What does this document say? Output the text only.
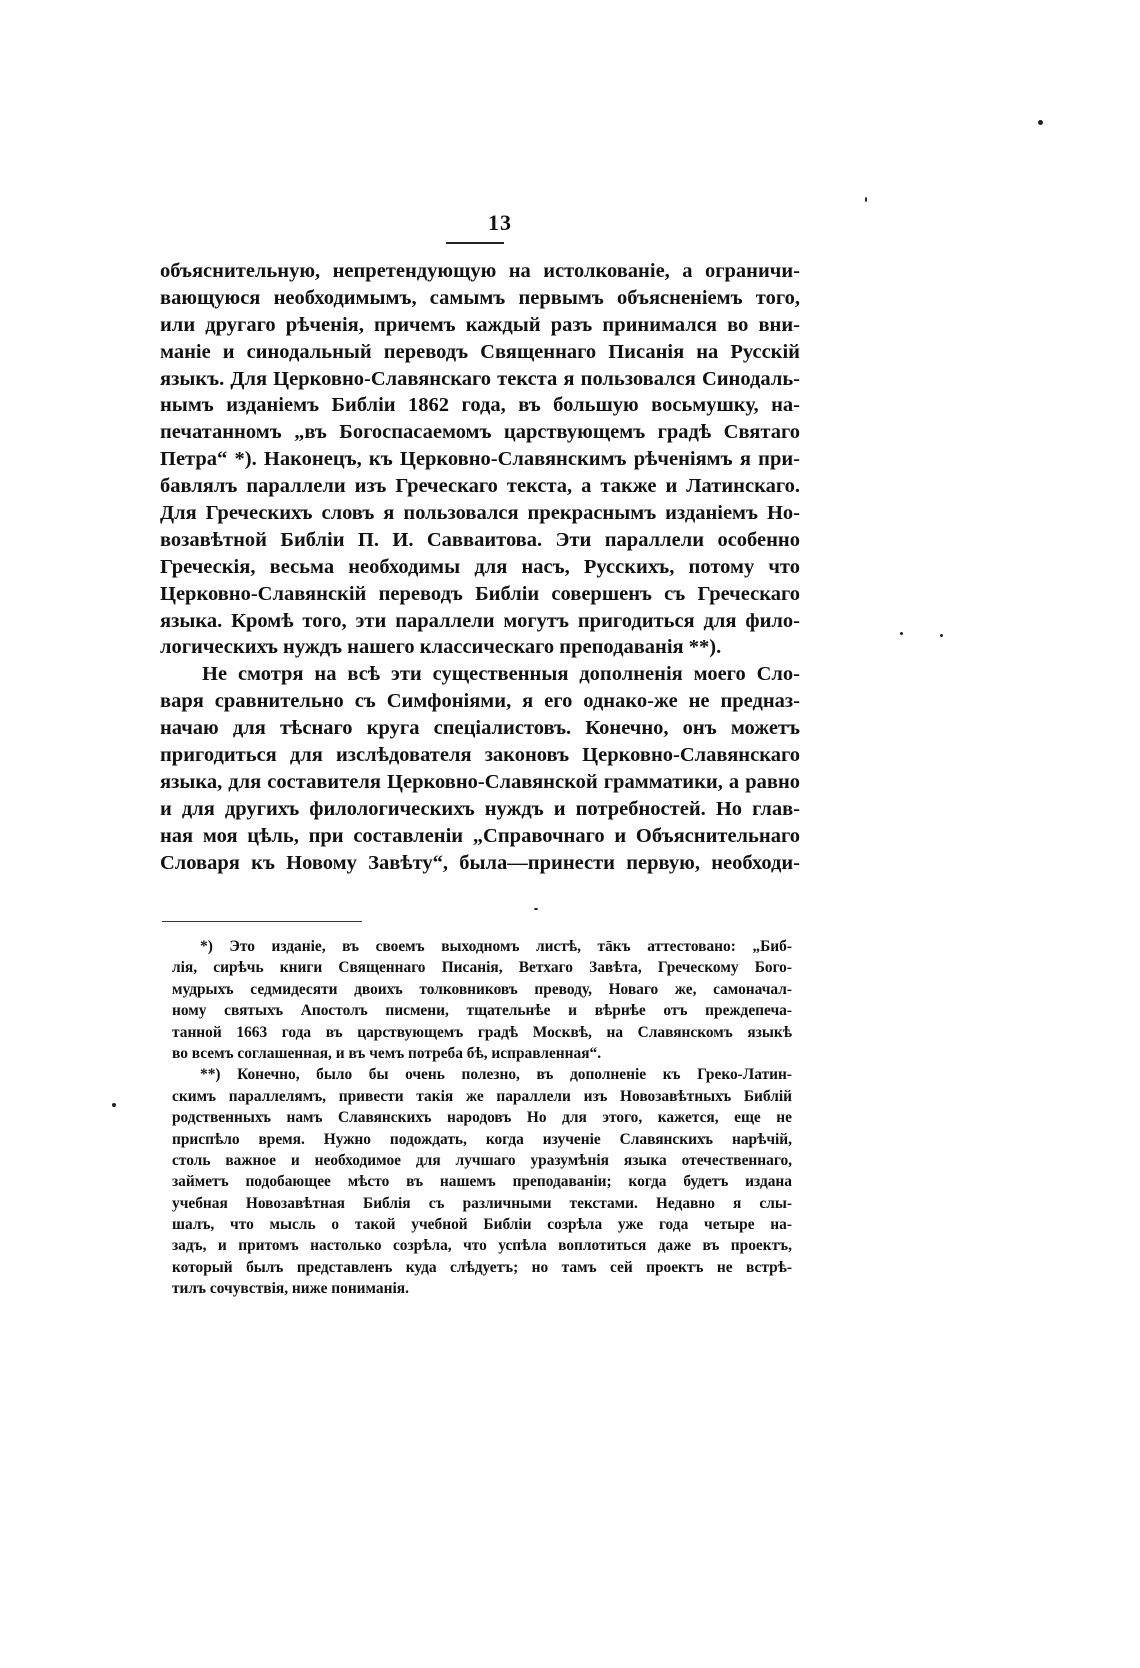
13
объяснительную, непретендующую на истолкованіе, а ограничи-
вающуюся необходимымъ, самымъ первымъ объясненіемъ того,
или другаго рѣченія, причемъ каждый разъ принимался во вни-
маніе и синодальный переводъ Священнаго Писанія на Русскій
языкъ. Для Церковно-Славянскаго текста я пользовался Синодаль-
нымъ изданіемъ Библіи 1862 года, въ большую восьмушку, на-
печатанномъ „въ Богоспасаемомъ царствующемъ градѣ Святаго
Петра“ *). Наконецъ, къ Церковно-Славянскимъ рѣченіямъ я при-
бавлялъ параллели изъ Греческаго текста, а также и Латинскаго.
Для Греческихъ словъ я пользовался прекраснымъ изданіемъ Но-
возавѣтной Библіи П. И. Савваитова. Эти параллели особенно
Греческія, весьма необходимы для насъ, Русскихъ, потому что
Церковно-Славянскій переводъ Библіи совершенъ съ Греческаго
языка. Кромѣ того, эти параллели могутъ пригодиться для фило-
логическихъ нуждъ нашего классическаго преподаванія **).
Не смотря на всѣ эти существенныя дополненія моего Сло-
варя сравнительно съ Симфоніями, я его однако-же не предназ-
начаю для тѣснаго круга спеціалистовъ. Конечно, онъ можетъ
пригодиться для изслѣдователя законовъ Церковно-Славянскаго
языка, для составителя Церковно-Славянской грамматики, а равно
и для другихъ филологическихъ нуждъ и потребностей. Но глав-
ная моя цѣль, при составленіи „Справочнаго и Объяснительнаго
Словаря къ Новому Завѣту“, была—принести первую, необходи-
*) Это изданіе, въ своемъ выходномъ листѣ, тāкъ аттестовано: „Биб-
лія, сирѣчь книги Священнаго Писанія, Ветхаго Завѣта, Греческому Бого-
мудрыхъ седмидесяти двоихъ толковниковъ преводу, Новаго же, самоначал-
ному святыхъ Апостолъ писмени, тщательнѣе и вѣрнѣе отъ преждепеча-
танной 1663 года въ царствующемъ градѣ Москвѣ, на Славянскомъ языкѣ
во всемъ соглашенная, и въ чемъ потреба бѣ, исправленная“.
**) Конечно, было бы очень полезно, въ дополненіе къ Греко-Латин-
скимъ параллелямъ, привести такія же параллели изъ Новозавѣтныхъ Библій
родственныхъ намъ Славянскихъ народовъ Но для этого, кажется, еще не
приспѣло время. Нужно подождать, когда изученіе Славянскихъ нарѣчій,
столь важное и необходимое для лучшаго уразумѣнія языка отечественнаго,
займетъ подобающее мѣсто въ нашемъ преподаваніи; когда будетъ издана
учебная Новозавѣтная Библія съ различными текстами. Недавно я слы-
шалъ, что мысль о такой учебной Библіи созрѣла уже года четыре на-
задъ, и притомъ настолько созрѣла, что успѣла воплотиться даже въ проектъ,
который былъ представленъ куда слѣдуетъ; но тамъ сей проектъ не встрѣ-
тилъ сочувствія, ниже пониманія.
